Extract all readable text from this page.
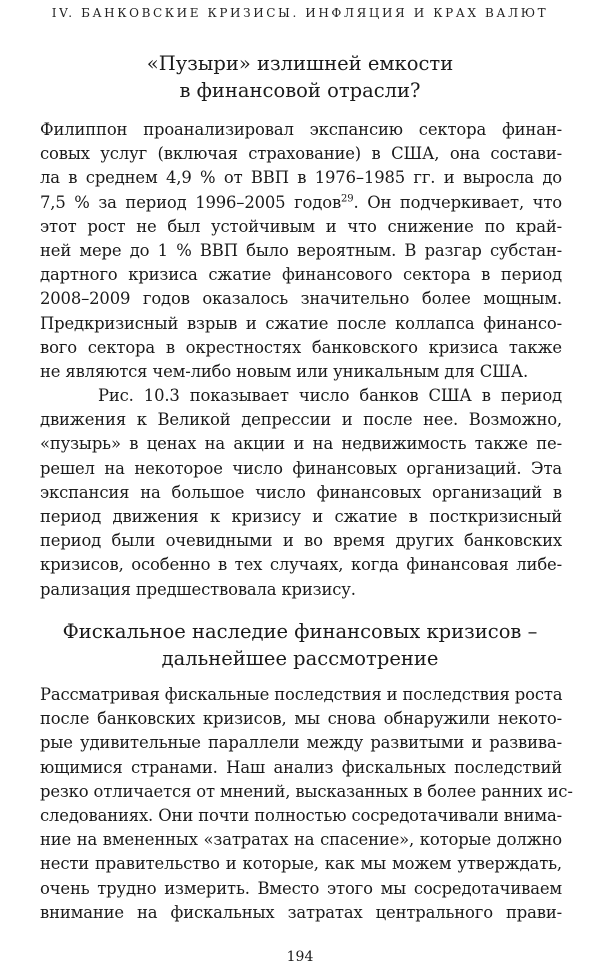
IV. БАНКОВСКИЕ КРИЗИСЫ. ИНФЛЯЦИЯ И КРАХ ВАЛЮТ
«Пузыри» излишней емкости
в финансовой отрасли?
Филиппон проанализировал экспансию сектора финан-
совых услуг (включая страхование) в США, она состави-
ла в среднем 4,9 % от ВВП в 1976–1985 гг. и выросла до
7,5 % за период 1996–2005 годов$^{29}$. Он подчеркивает, что
этот рост не был устойчивым и что снижение по край-
ней мере до 1 % ВВП было вероятным. В разгар субстан-
дартного кризиса сжатие финансового сектора в период
2008–2009 годов оказалось значительно более мощным.
Предкризисный взрыв и сжатие после коллапса финансо-
вого сектора в окрестностях банковского кризиса также
не являются чем-либо новым или уникальным для США.
Рис. 10.3 показывает число банков США в период
движения к Великой депрессии и после нее. Возможно,
«пузырь» в ценах на акции и на недвижимость также пе-
решел на некоторое число финансовых организаций. Эта
экспансия на большое число финансовых организаций в
период движения к кризису и сжатие в посткризисный
период были очевидными и во время других банковских
кризисов, особенно в тех случаях, когда финансовая либе-
рализация предшествовала кризису.
Фискальное наследие финансовых кризисов –
дальнейшее рассмотрение
Рассматривая фискальные последствия и последствия роста
после банковских кризисов, мы снова обнаружили некото-
рые удивительные параллели между развитыми и развива-
ющимися странами. Наш анализ фискальных последствий
резко отличается от мнений, высказанных в более ранних ис-
следованиях. Они почти полностью сосредотачивали внима-
ние на вмененных «затратах на спасение», которые должно
нести правительство и которые, как мы можем утверждать,
очень трудно измерить. Вместо этого мы сосредотачиваем
внимание на фискальных затратах центрального прави-
194
